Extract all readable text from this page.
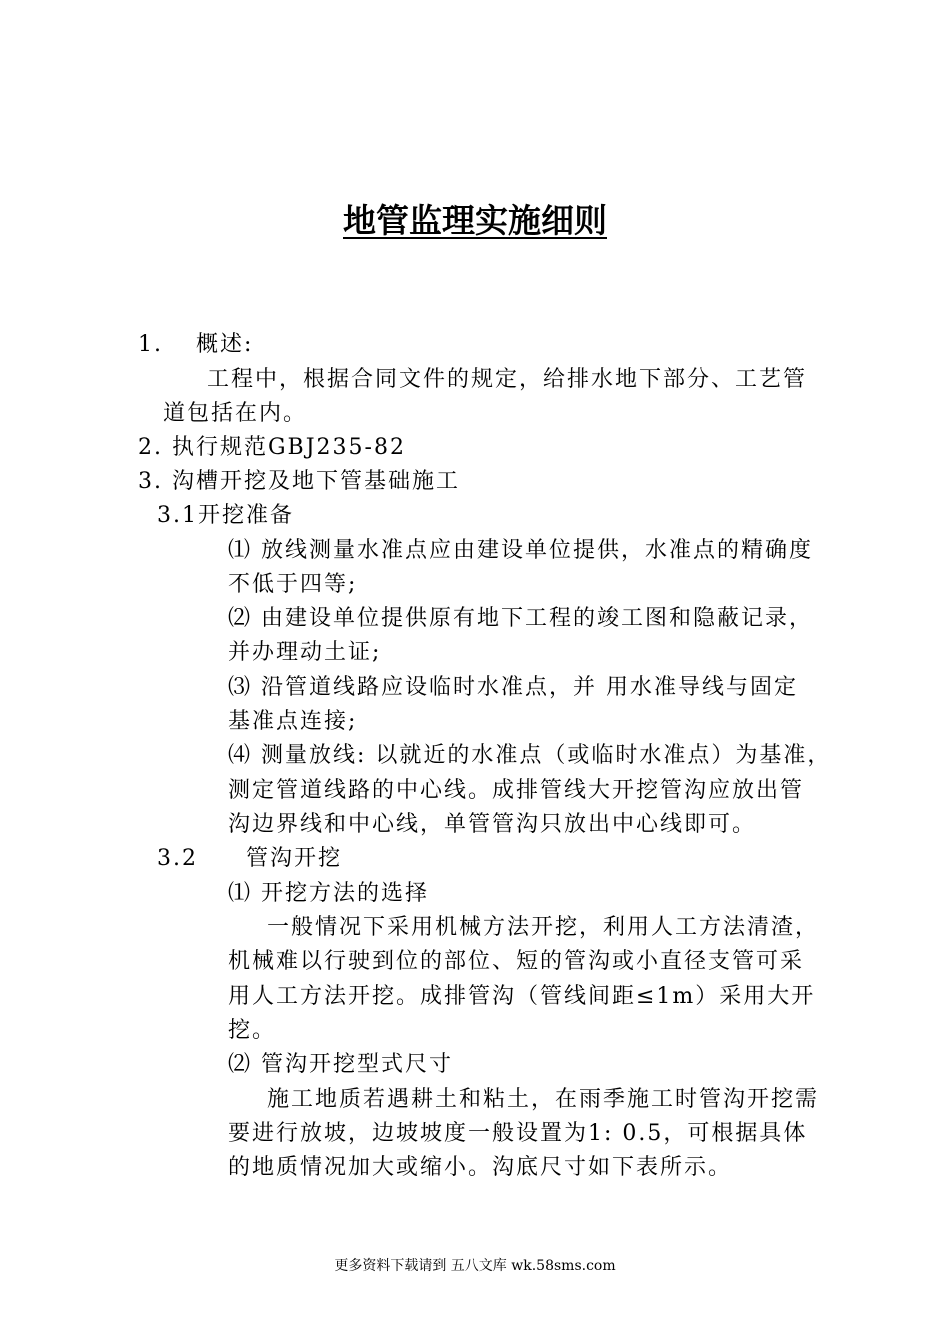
地管监理实施细则
1.　 概述:
工程中，根据合同文件的规定，给排水地下部分、工艺管
道包括在内。
2. 执行规范GBJ235-82
3. 沟槽开挖及地下管基础施工
3.1开挖准备
⑴ 放线测量水准点应由建设单位提供，水准点的精确度
不低于四等;
⑵ 由建设单位提供原有地下工程的竣工图和隐蔽记录，
并办理动土证;
⑶ 沿管道线路应设临时水准点，并 用水准导线与固定
基准点连接;
⑷ 测量放线: 以就近的水准点（或临时水准点）为基准，
测定管道线路的中心线。成排管线大开挖管沟应放出管
沟边界线和中心线，单管管沟只放出中心线即可。
3.2　　管沟开挖
⑴ 开挖方法的选择
一般情况下采用机械方法开挖，利用人工方法清渣，
机械难以行驶到位的部位、短的管沟或小直径支管可采
用人工方法开挖。成排管沟（管线间距≤1m）采用大开
挖。
⑵ 管沟开挖型式尺寸
施工地质若遇耕土和粘土，在雨季施工时管沟开挖需
要进行放坡，边坡坡度一般设置为1: 0.5，可根据具体
的地质情况加大或缩小。沟底尺寸如下表所示。
更多资料下载请到 五八文库 wk.58sms.com
